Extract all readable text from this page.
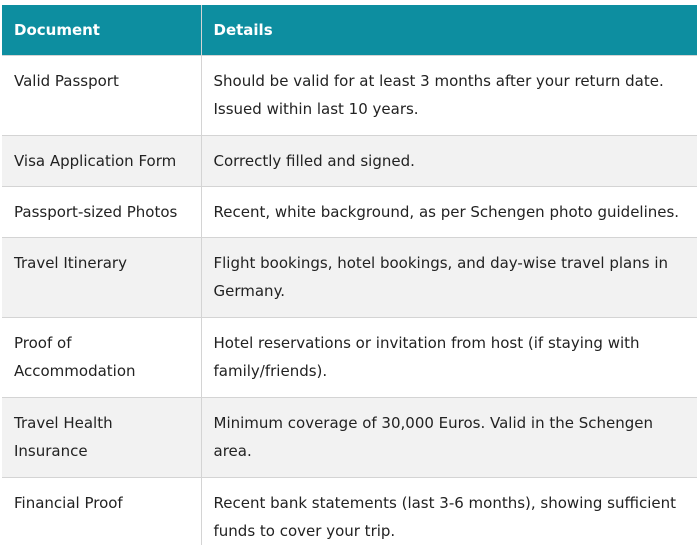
Document	Details
Valid Passport	Should be valid for at least 3 months after your return date. Issued within last 10 years.
Visa Application Form	Correctly filled and signed.
Passport-sized Photos	Recent, white background, as per Schengen photo guidelines.
Travel Itinerary	Flight bookings, hotel bookings, and day-wise travel plans in Germany.
Proof of Accommodation	Hotel reservations or invitation from host (if staying with family/friends).
Travel Health Insurance	Minimum coverage of 30,000 Euros. Valid in the Schengen area.
Financial Proof	Recent bank statements (last 3-6 months), showing sufficient funds to cover your trip.
